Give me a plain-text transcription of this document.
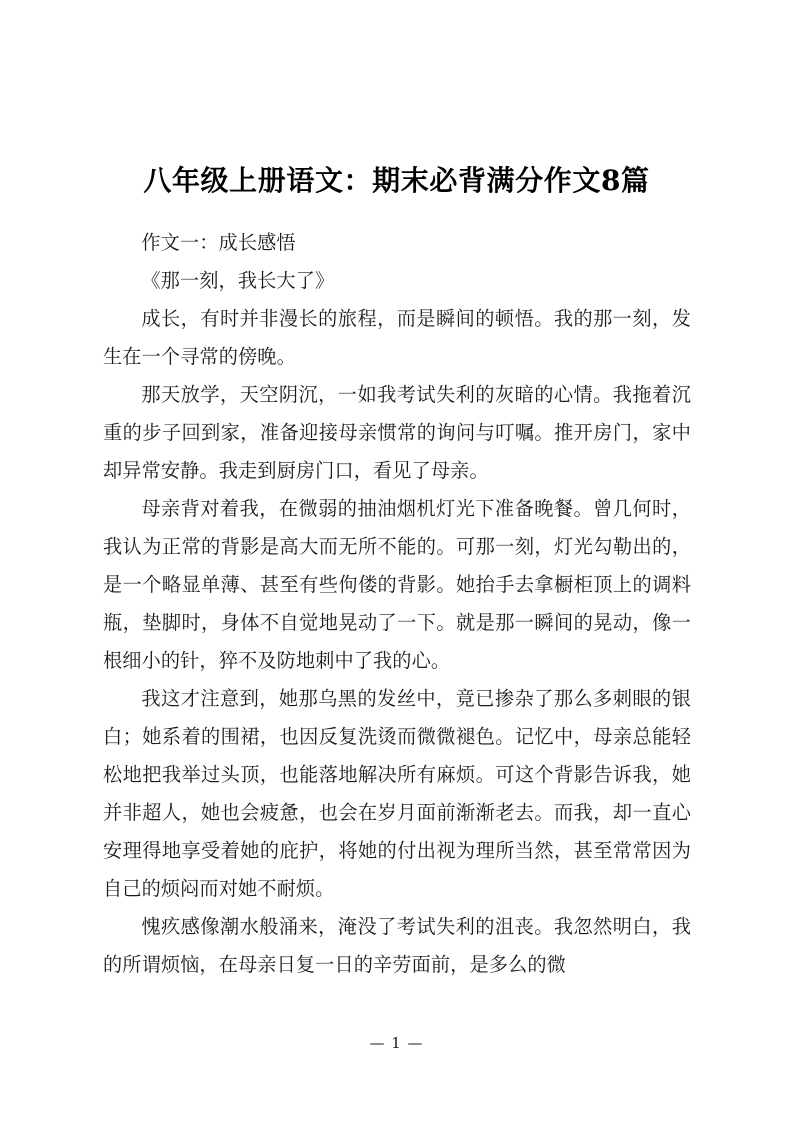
八年级上册语文：期末必背满分作文8篇

作文一：成长感悟

《那一刻，我长大了》

成长，有时并非漫长的旅程，而是瞬间的顿悟。我的那一刻，发生在一个寻常的傍晚。

那天放学，天空阴沉，一如我考试失利的灰暗的心情。我拖着沉重的步子回到家，准备迎接母亲惯常的询问与叮嘱。推开房门，家中却异常安静。我走到厨房门口，看见了母亲。

母亲背对着我，在微弱的抽油烟机灯光下准备晚餐。曾几何时，我认为正常的背影是高大而无所不能的。可那一刻，灯光勾勒出的，是一个略显单薄、甚至有些佝偻的背影。她抬手去拿橱柜顶上的调料瓶，垫脚时，身体不自觉地晃动了一下。就是那一瞬间的晃动，像一根细小的针，猝不及防地刺中了我的心。

我这才注意到，她那乌黑的发丝中，竟已掺杂了那么多刺眼的银白；她系着的围裙，也因反复洗烫而微微褪色。记忆中，母亲总能轻松地把我举过头顶，也能落地解决所有麻烦。可这个背影告诉我，她并非超人，她也会疲惫，也会在岁月面前渐渐老去。而我，却一直心安理得地享受着她的庇护，将她的付出视为理所当然，甚至常常因为自己的烦闷而对她不耐烦。

愧疚感像潮水般涌来，淹没了考试失利的沮丧。我忽然明白，我的所谓烦恼，在母亲日复一日的辛劳面前，是多么的微

— 1 —
